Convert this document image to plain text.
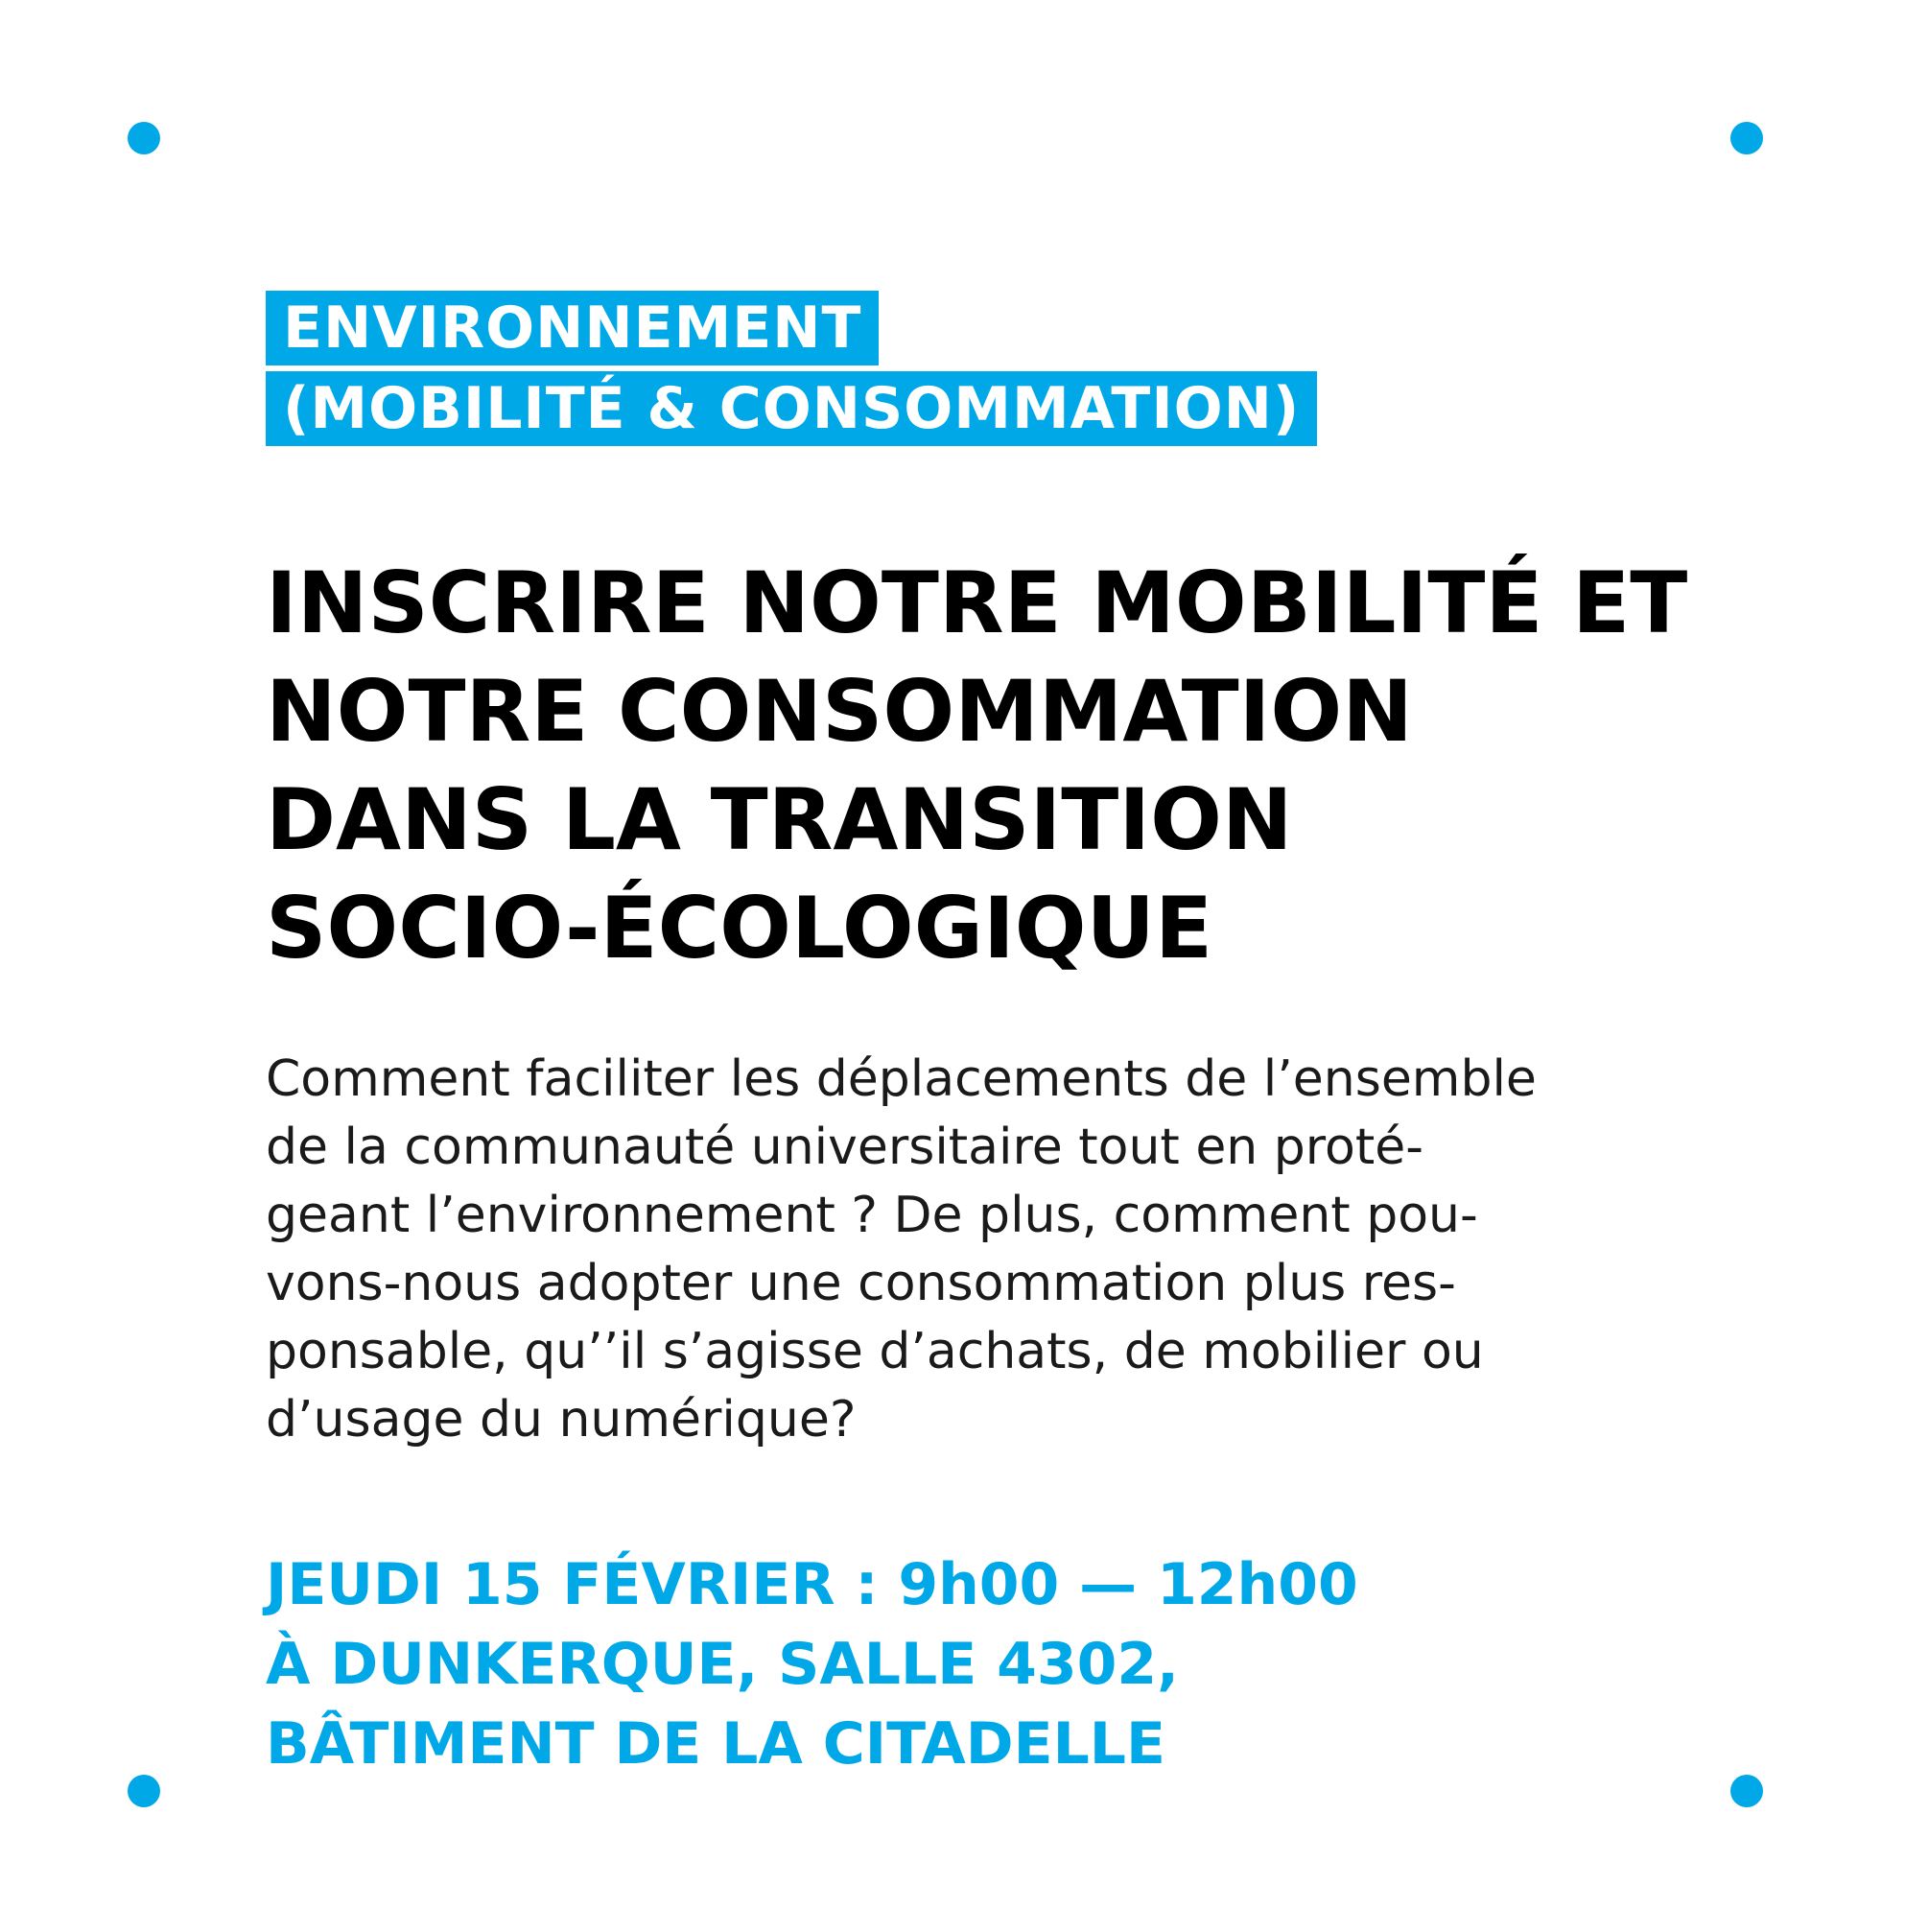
ENVIRONNEMENT
(MOBILITÉ & CONSOMMATION)
INSCRIRE NOTRE MOBILITÉ ET
NOTRE CONSOMMATION
DANS LA TRANSITION
SOCIO-ÉCOLOGIQUE

Comment faciliter les déplacements de l’ensemble
de la communauté universitaire tout en proté-
geant l’environnement ? De plus, comment pou-
vons-nous adopter une consommation plus res-
ponsable, qu’’il s’agisse d’achats, de mobilier ou
d’usage du numérique?

JEUDI 15 FÉVRIER : 9h00 — 12h00
À DUNKERQUE, SALLE 4302,
BÂTIMENT DE LA CITADELLE
